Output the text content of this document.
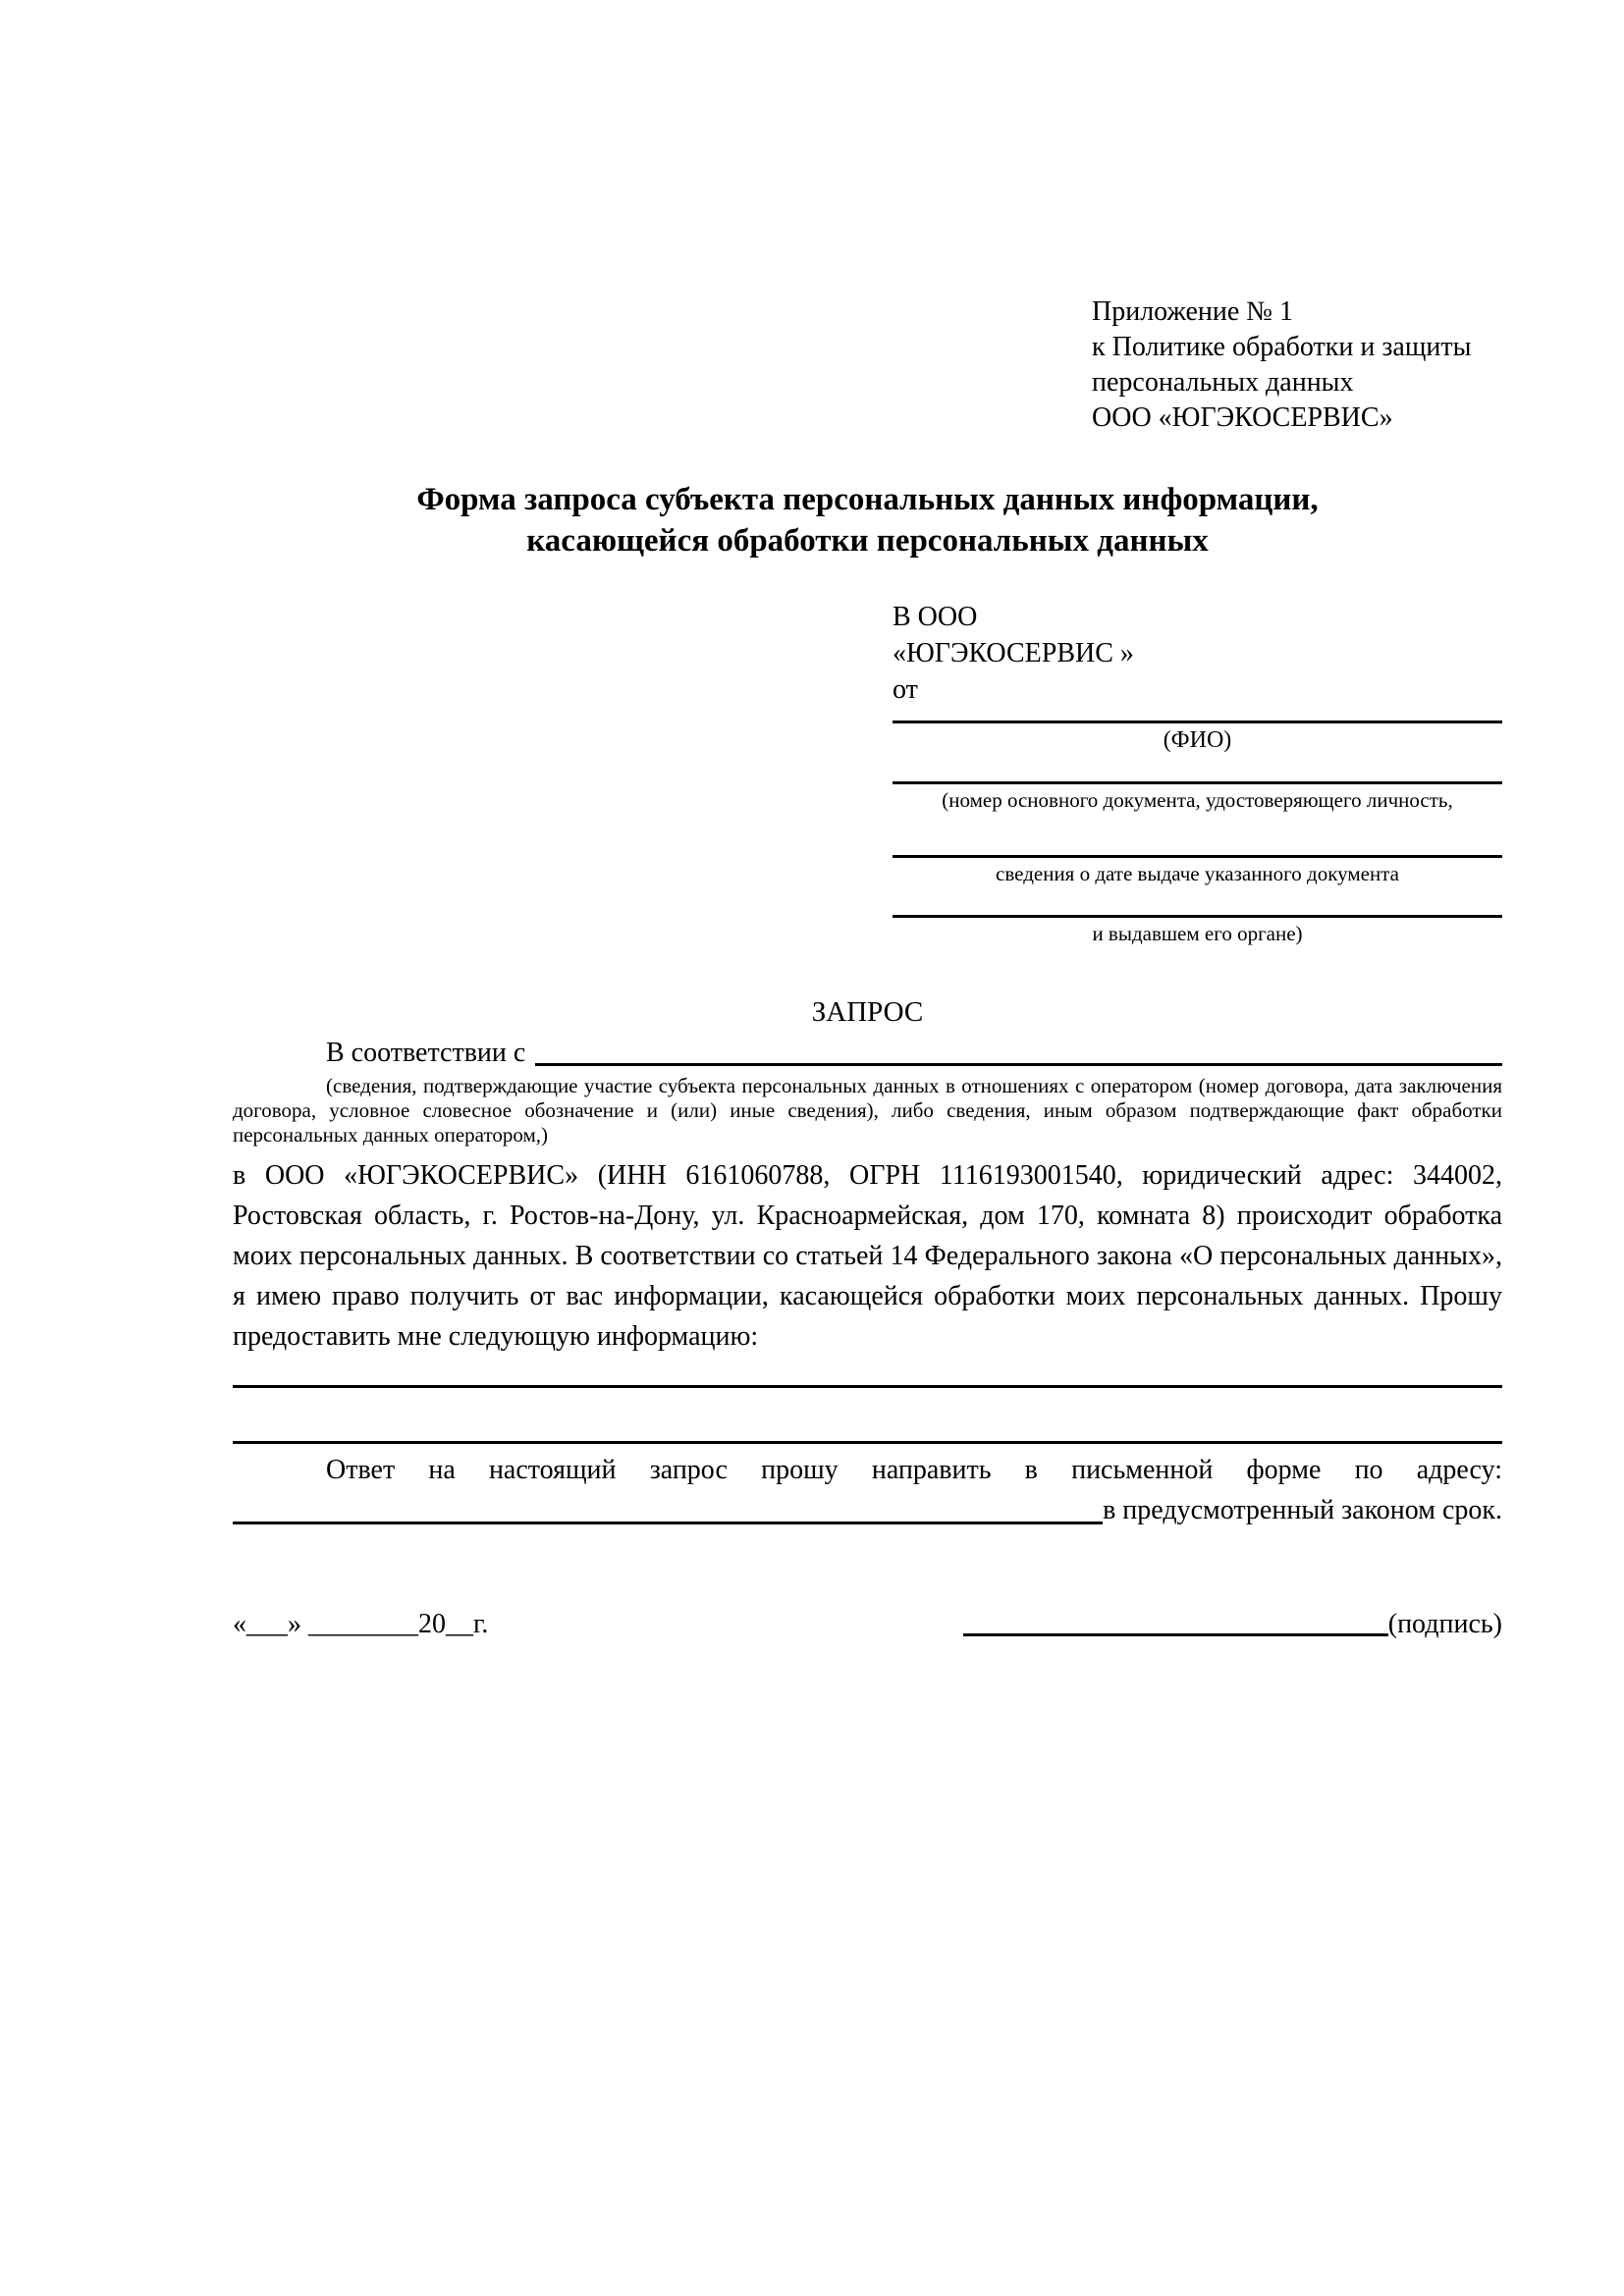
Приложение № 1
к Политике обработки и защиты
персональных данных
ООО «ЮГЭКОСЕРВИС»
Форма запроса субъекта персональных данных информации,
касающейся обработки персональных данных
В ООО
«ЮГЭКОСЕРВИС »
от
(ФИО)
(номер основного документа, удостоверяющего личность,
сведения о дате выдаче указанного документа
и выдавшем его органе)
ЗАПРОС
В соответствии с
(сведения, подтверждающие участие субъекта персональных данных в отношениях с оператором (номер договора, дата заключения договора, условное словесное обозначение и (или) иные сведения), либо сведения, иным образом подтверждающие факт обработки персональных данных оператором,)
в ООО «ЮГЭКОСЕРВИС» (ИНН 6161060788, ОГРН 1116193001540, юридический адрес: 344002, Ростовская область, г. Ростов-на-Дону, ул. Красноармейская, дом 170, комната 8) происходит обработка моих персональных данных. В соответствии со статьей 14 Федерального закона «О персональных данных», я имею право получить от вас информации, касающейся обработки моих персональных данных. Прошу предоставить мне следующую информацию:
Ответ на настоящий запрос прошу направить в письменной форме по адресу:
в предусмотренный законом срок.
«___» ________20__г.	(подпись)
